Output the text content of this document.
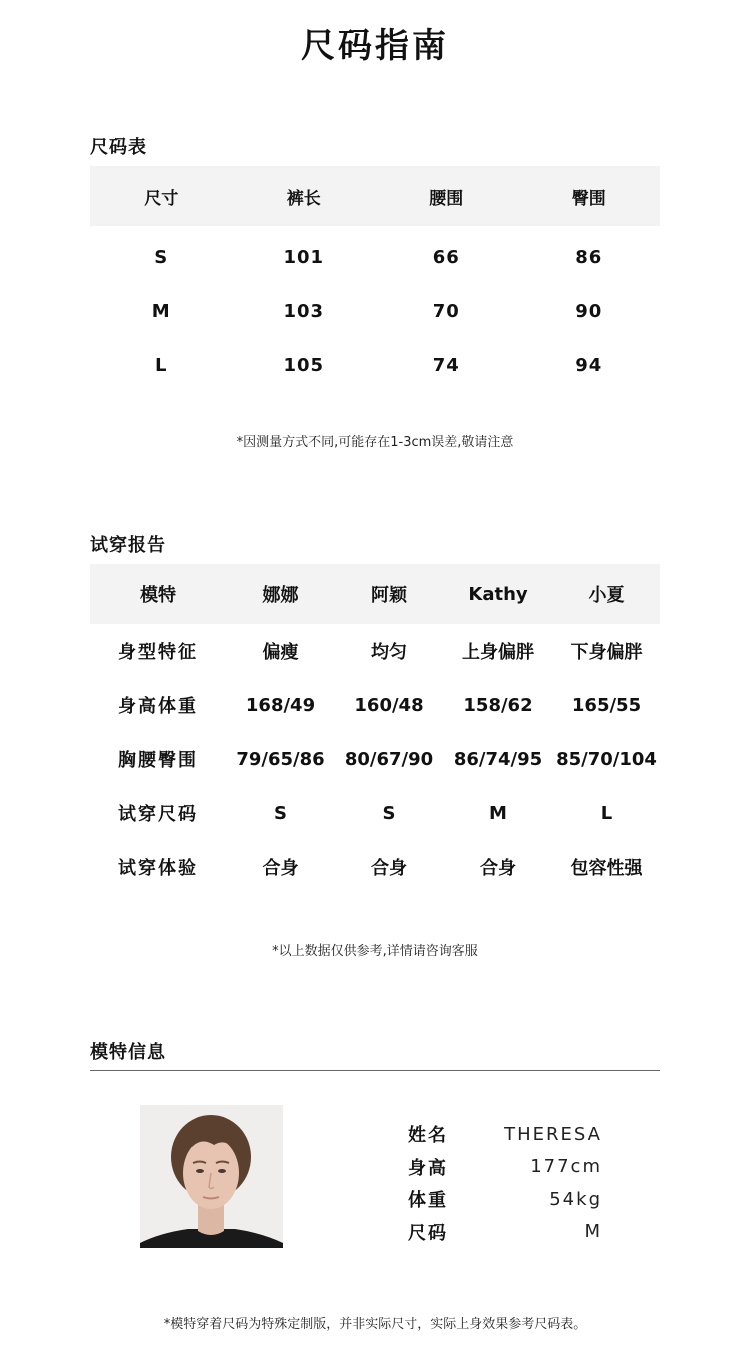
尺码指南
尺码表
尺寸	裤长	腰围	臀围
S	101	66	86
M	103	70	90
L	105	74	94
*因测量方式不同,可能存在1-3cm误差,敬请注意
试穿报告
模特	娜娜	阿颖	Kathy	小夏
身型特征	偏瘦	均匀	上身偏胖	下身偏胖
身高体重	168/49	160/48	158/62	165/55
胸腰臀围	79/65/86	80/67/90	86/74/95	85/70/104
试穿尺码	S	S	M	L
试穿体验	合身	合身	合身	包容性强
*以上数据仅供参考,详情请咨询客服
模特信息
姓名	THERESA
身高	177cm
体重	54kg
尺码	M
*模特穿着尺码为特殊定制版，并非实际尺寸，实际上身效果参考尺码表。
